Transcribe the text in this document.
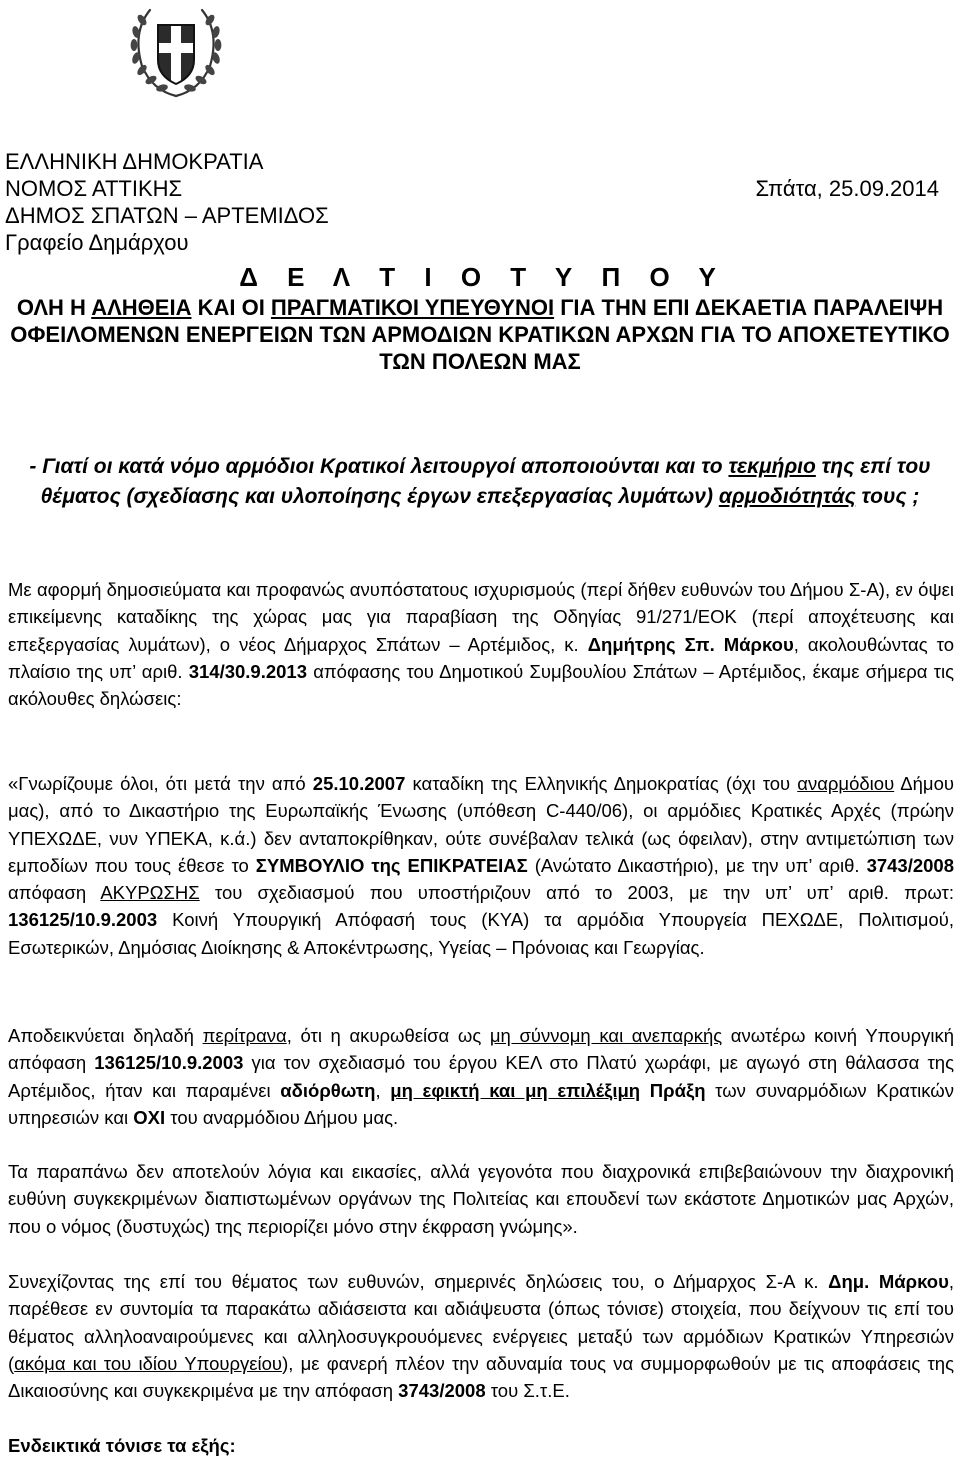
ΕΛΛΗΝΙΚΗ ΔΗΜΟΚΡΑΤΙΑ
ΝΟΜΟΣ ΑΤΤΙΚΗΣ
ΔΗΜΟΣ ΣΠΑΤΩΝ – ΑΡΤΕΜΙΔΟΣ
Γραφείο Δημάρχου
Σπάτα, 25.09.2014
Δ Ε Λ Τ Ι Ο Τ Υ Π Ο Υ
ΟΛΗ Η ΑΛΗΘΕΙΑ ΚΑΙ ΟΙ ΠΡΑΓΜΑΤΙΚΟΙ ΥΠΕΥΘΥΝΟΙ ΓΙΑ ΤΗΝ ΕΠΙ ΔΕΚΑΕΤΙΑ ΠΑΡΑΛΕΙΨΗ ΟΦΕΙΛΟΜΕΝΩΝ ΕΝΕΡΓΕΙΩΝ ΤΩΝ ΑΡΜΟΔΙΩΝ ΚΡΑΤΙΚΩΝ ΑΡΧΩΝ ΓΙΑ ΤΟ ΑΠΟΧΕΤΕΥΤΙΚΟ ΤΩΝ ΠΟΛΕΩΝ ΜΑΣ
- Γιατί οι κατά νόμο αρμόδιοι Κρατικοί λειτουργοί αποποιούνται και το τεκμήριο της επί του θέματος (σχεδίασης και υλοποίησης έργων επεξεργασίας λυμάτων) αρμοδιότητάς τους ;
Με αφορμή δημοσιεύματα και προφανώς ανυπόστατους ισχυρισμούς (περί δήθεν ευθυνών του Δήμου Σ-Α), εν όψει επικείμενης καταδίκης της χώρας μας για παραβίαση της Οδηγίας 91/271/ΕΟΚ (περί αποχέτευσης και επεξεργασίας λυμάτων), ο νέος Δήμαρχος Σπάτων – Αρτέμιδος, κ. Δημήτρης Σπ. Μάρκου, ακολουθώντας το πλαίσιο της υπ’ αριθ. 314/30.9.2013 απόφασης του Δημοτικού Συμβουλίου Σπάτων – Αρτέμιδος, έκαμε σήμερα τις ακόλουθες δηλώσεις:
«Γνωρίζουμε όλοι, ότι μετά την από 25.10.2007 καταδίκη της Ελληνικής Δημοκρατίας (όχι του αναρμόδιου Δήμου μας), από το Δικαστήριο της Ευρωπαϊκής Ένωσης (υπόθεση C-440/06), οι αρμόδιες Κρατικές Αρχές (πρώην ΥΠΕΧΩΔΕ, νυν ΥΠΕΚΑ, κ.ά.) δεν ανταποκρίθηκαν, ούτε συνέβαλαν τελικά (ως όφειλαν), στην αντιμετώπιση των εμποδίων που τους έθεσε το ΣΥΜΒΟΥΛΙΟ της ΕΠΙΚΡΑΤΕΙΑΣ (Ανώτατο Δικαστήριο), με την υπ’ αριθ. 3743/2008 απόφαση ΑΚΥΡΩΣΗΣ του σχεδιασμού που υποστήριζουν από το 2003, με την υπ’ υπ’ αριθ. πρωτ: 136125/10.9.2003 Κοινή Υπουργική Απόφασή τους (ΚΥΑ) τα αρμόδια Υπουργεία ΠΕΧΩΔΕ, Πολιτισμού, Εσωτερικών, Δημόσιας Διοίκησης & Αποκέντρωσης, Υγείας – Πρόνοιας και Γεωργίας.
Αποδεικνύεται δηλαδή περίτρανα, ότι η ακυρωθείσα ως μη σύννομη και ανεπαρκής ανωτέρω κοινή Υπουργική απόφαση 136125/10.9.2003 για τον σχεδιασμό του έργου ΚΕΛ στο Πλατύ χωράφι, με αγωγό στη θάλασσα της Αρτέμιδος, ήταν και παραμένει αδιόρθωτη, μη εφικτή και μη επιλέξιμη Πράξη των συναρμόδιων Κρατικών υπηρεσιών και ΟΧΙ του αναρμόδιου Δήμου μας.
Τα παραπάνω δεν αποτελούν λόγια και εικασίες, αλλά γεγονότα που διαχρονικά επιβεβαιώνουν την διαχρονική ευθύνη συγκεκριμένων διαπιστωμένων οργάνων της Πολιτείας και επουδενί των εκάστοτε Δημοτικών μας Αρχών, που ο νόμος (δυστυχώς) της περιορίζει μόνο στην έκφραση γνώμης».
Συνεχίζοντας της επί του θέματος των ευθυνών, σημερινές δηλώσεις του, ο Δήμαρχος Σ-Α κ. Δημ. Μάρκου, παρέθεσε εν συντομία τα παρακάτω αδιάσειστα και αδιάψευστα (όπως τόνισε) στοιχεία, που δείχνουν τις επί του θέματος αλληλοαναιρούμενες και αλληλοσυγκρουόμενες ενέργειες μεταξύ των αρμόδιων Κρατικών Υπηρεσιών (ακόμα και του ιδίου Υπουργείου), με φανερή πλέον την αδυναμία τους να συμμορφωθούν με τις αποφάσεις της Δικαιοσύνης και συγκεκριμένα με την απόφαση 3743/2008 του Σ.τ.Ε.
Ενδεικτικά τόνισε τα εξής:
